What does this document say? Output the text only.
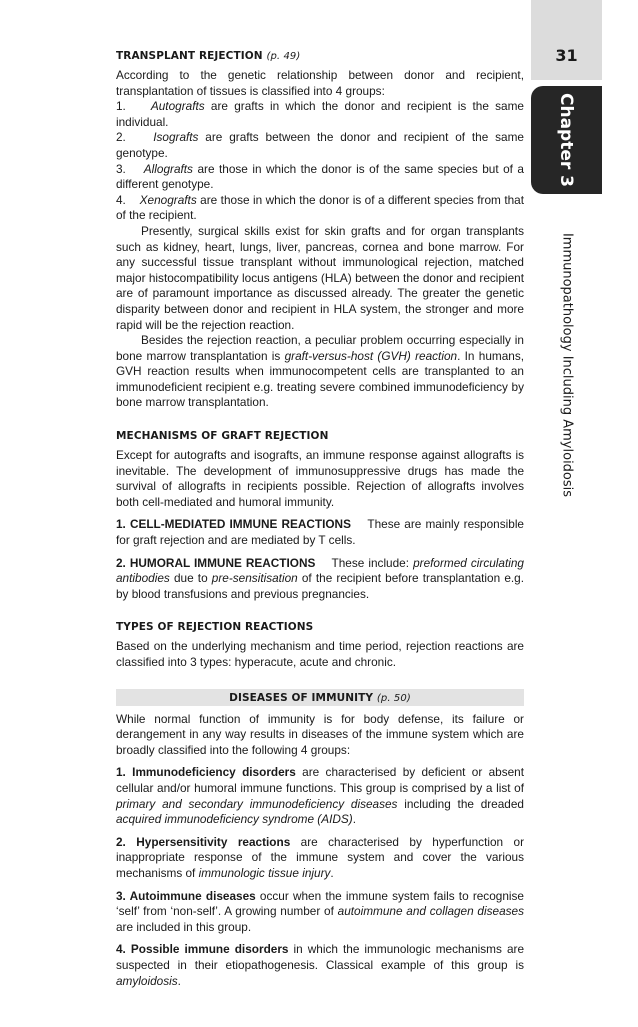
31
Chapter 3
Immunopathology Including Amyloidosis
TRANSPLANT REJECTION (p. 49)

According to the genetic relationship between donor and recipient, transplantation of tissues is classified into 4 groups:

1. Autografts are grafts in which the donor and recipient is the same individual.

2. Isografts are grafts between the donor and recipient of the same genotype.

3. Allografts are those in which the donor is of the same species but of a different genotype.

4. Xenografts are those in which the donor is of a different species from that of the recipient.

Presently, surgical skills exist for skin grafts and for organ transplants such as kidney, heart, lungs, liver, pancreas, cornea and bone marrow. For any successful tissue transplant without immunological rejection, matched major histocompatibility locus antigens (HLA) between the donor and recipient are of paramount importance as discussed already. The greater the genetic disparity between donor and recipient in HLA system, the stronger and more rapid will be the rejection reaction.

Besides the rejection reaction, a peculiar problem occurring especially in bone marrow transplantation is graft-versus-host (GVH) reaction. In humans, GVH reaction results when immunocompetent cells are transplanted to an immunodeficient recipient e.g. treating severe combined immunodeficiency by bone marrow transplantation.

MECHANISMS OF GRAFT REJECTION

Except for autografts and isografts, an immune response against allografts is inevitable. The development of immunosuppressive drugs has made the survival of allografts in recipients possible. Rejection of allografts involves both cell-mediated and humoral immunity.

1. CELL-MEDIATED IMMUNE REACTIONS These are mainly responsible for graft rejection and are mediated by T cells.

2. HUMORAL IMMUNE REACTIONS These include: preformed circulating antibodies due to pre-sensitisation of the recipient before transplantation e.g. by blood transfusions and previous pregnancies.

TYPES OF REJECTION REACTIONS

Based on the underlying mechanism and time period, rejection reactions are classified into 3 types: hyperacute, acute and chronic.

DISEASES OF IMMUNITY (p. 50)

While normal function of immunity is for body defense, its failure or derangement in any way results in diseases of the immune system which are broadly classified into the following 4 groups:

1. Immunodeficiency disorders are characterised by deficient or absent cellular and/or humoral immune functions. This group is comprised by a list of primary and secondary immunodeficiency diseases including the dreaded acquired immunodeficiency syndrome (AIDS).

2. Hypersensitivity reactions are characterised by hyperfunction or inappropriate response of the immune system and cover the various mechanisms of immunologic tissue injury.

3. Autoimmune diseases occur when the immune system fails to recognise ‘self’ from ‘non-self’. A growing number of autoimmune and collagen diseases are included in this group.

4. Possible immune disorders in which the immunologic mechanisms are suspected in their etiopathogenesis. Classical example of this group is amyloidosis.
